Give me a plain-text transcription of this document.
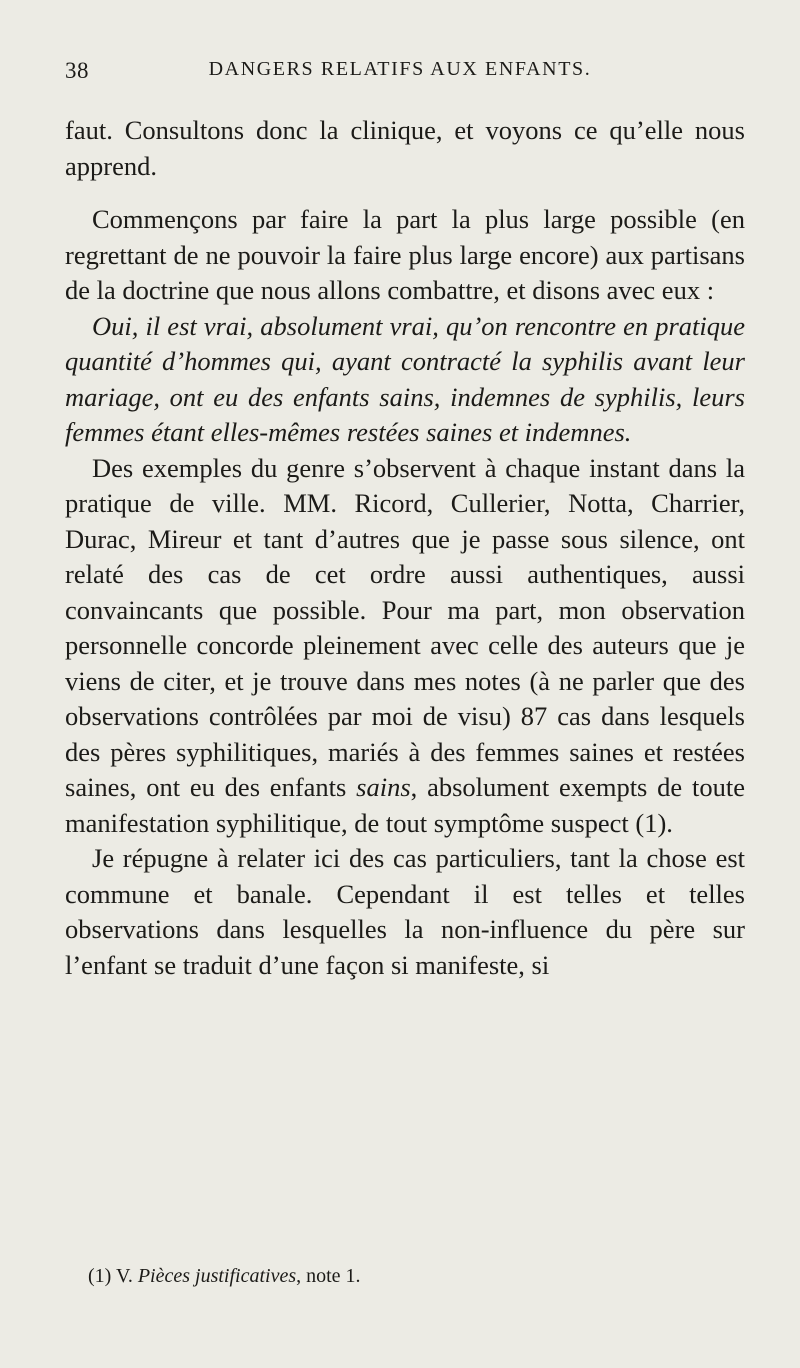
38	DANGERS RELATIFS AUX ENFANTS.

faut. Consultons donc la clinique, et voyons ce qu’elle nous apprend.

Commençons par faire la part la plus large possible (en regrettant de ne pouvoir la faire plus large encore) aux partisans de la doctrine que nous allons combattre, et disons avec eux :

Oui, il est vrai, absolument vrai, qu’on rencontre en pratique quantité d’hommes qui, ayant contracté la syphilis avant leur mariage, ont eu des enfants sains, indemnes de syphilis, leurs femmes étant elles-mêmes restées saines et indemnes.

Des exemples du genre s’observent à chaque instant dans la pratique de ville. MM. Ricord, Cullerier, Notta, Charrier, Durac, Mireur et tant d’autres que je passe sous silence, ont relaté des cas de cet ordre aussi authentiques, aussi convaincants que possible. Pour ma part, mon observation personnelle concorde pleinement avec celle des auteurs que je viens de citer, et je trouve dans mes notes (à ne parler que des observations contrôlées par moi de visu) 87 cas dans lesquels des pères syphilitiques, mariés à des femmes saines et restées saines, ont eu des enfants sains, absolument exempts de toute manifestation syphilitique, de tout symptôme suspect (1).

Je répugne à relater ici des cas particuliers, tant la chose est commune et banale. Cependant il est telles et telles observations dans lesquelles la non-influence du père sur l’enfant se traduit d’une façon si manifeste, si

(1) V. Pièces justificatives, note 1.
